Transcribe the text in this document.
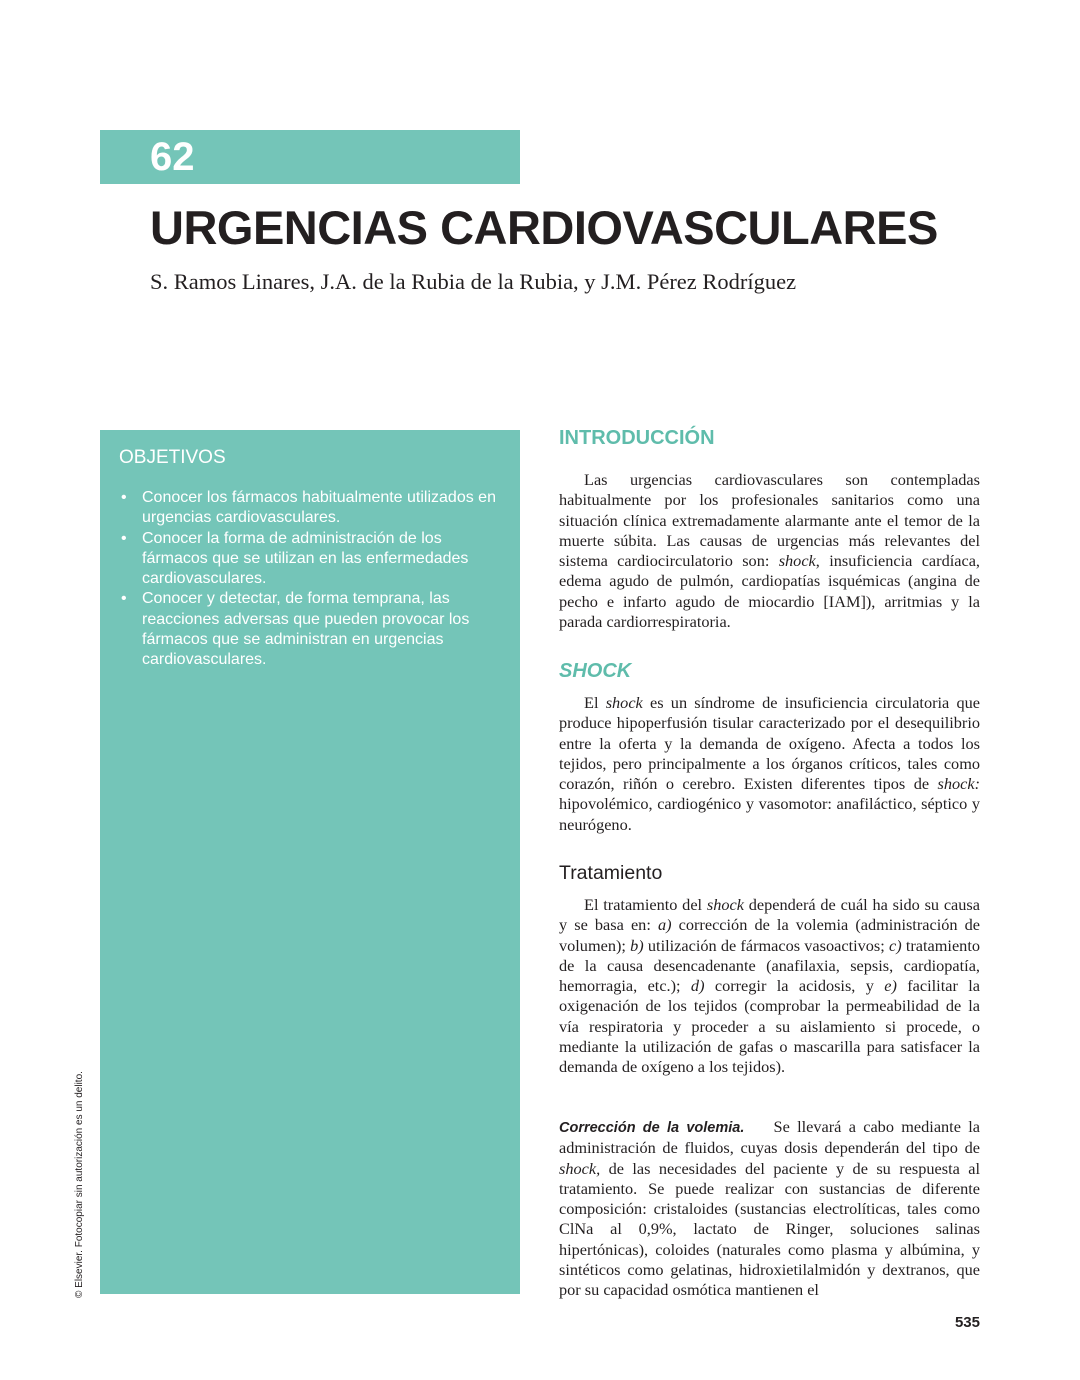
62
URGENCIAS CARDIOVASCULARES
S. Ramos Linares, J.A. de la Rubia de la Rubia, y J.M. Pérez Rodríguez
OBJETIVOS
• Conocer los fármacos habitualmente utilizados en urgencias cardiovasculares.
• Conocer la forma de administración de los fármacos que se utilizan en las enfermedades cardiovasculares.
• Conocer y detectar, de forma temprana, las reacciones adversas que pueden provocar los fármacos que se administran en urgencias cardiovasculares.
© Elsevier. Fotocopiar sin autorización es un delito.
INTRODUCCIÓN

Las urgencias cardiovasculares son contempladas habitualmente por los profesionales sanitarios como una situación clínica extremadamente alarmante ante el temor de la muerte súbita. Las causas de urgencias más relevantes del sistema cardiocirculatorio son: shock, insuficiencia cardíaca, edema agudo de pulmón, cardiopatías isquémicas (angina de pecho e infarto agudo de miocardio [IAM]), arritmias y la parada cardiorrespiratoria.

SHOCK

El shock es un síndrome de insuficiencia circulatoria que produce hipoperfusión tisular caracterizado por el desequilibrio entre la oferta y la demanda de oxígeno. Afecta a todos los tejidos, pero principalmente a los órganos críticos, tales como corazón, riñón o cerebro. Existen diferentes tipos de shock: hipovolémico, cardiogénico y vasomotor: anafiláctico, séptico y neurógeno.

Tratamiento

El tratamiento del shock dependerá de cuál ha sido su causa y se basa en: a) corrección de la volemia (administración de volumen); b) utilización de fármacos vasoactivos; c) tratamiento de la causa desencadenante (anafilaxia, sepsis, cardiopatía, hemorragia, etc.); d) corregir la acidosis, y e) facilitar la oxigenación de los tejidos (comprobar la permeabilidad de la vía respiratoria y proceder a su aislamiento si procede, o mediante la utilización de gafas o mascarilla para satisfacer la demanda de oxígeno a los tejidos).

Corrección de la volemia. Se llevará a cabo mediante la administración de fluidos, cuyas dosis dependerán del tipo de shock, de las necesidades del paciente y de su respuesta al tratamiento. Se puede realizar con sustancias de diferente composición: cristaloides (sustancias electrolíticas, tales como ClNa al 0,9%, lactato de Ringer, soluciones salinas hipertónicas), coloides (naturales como plasma y albúmina, y sintéticos como gelatinas, hidroxietilalmidón y dextranos, que por su capacidad osmótica mantienen el

535
